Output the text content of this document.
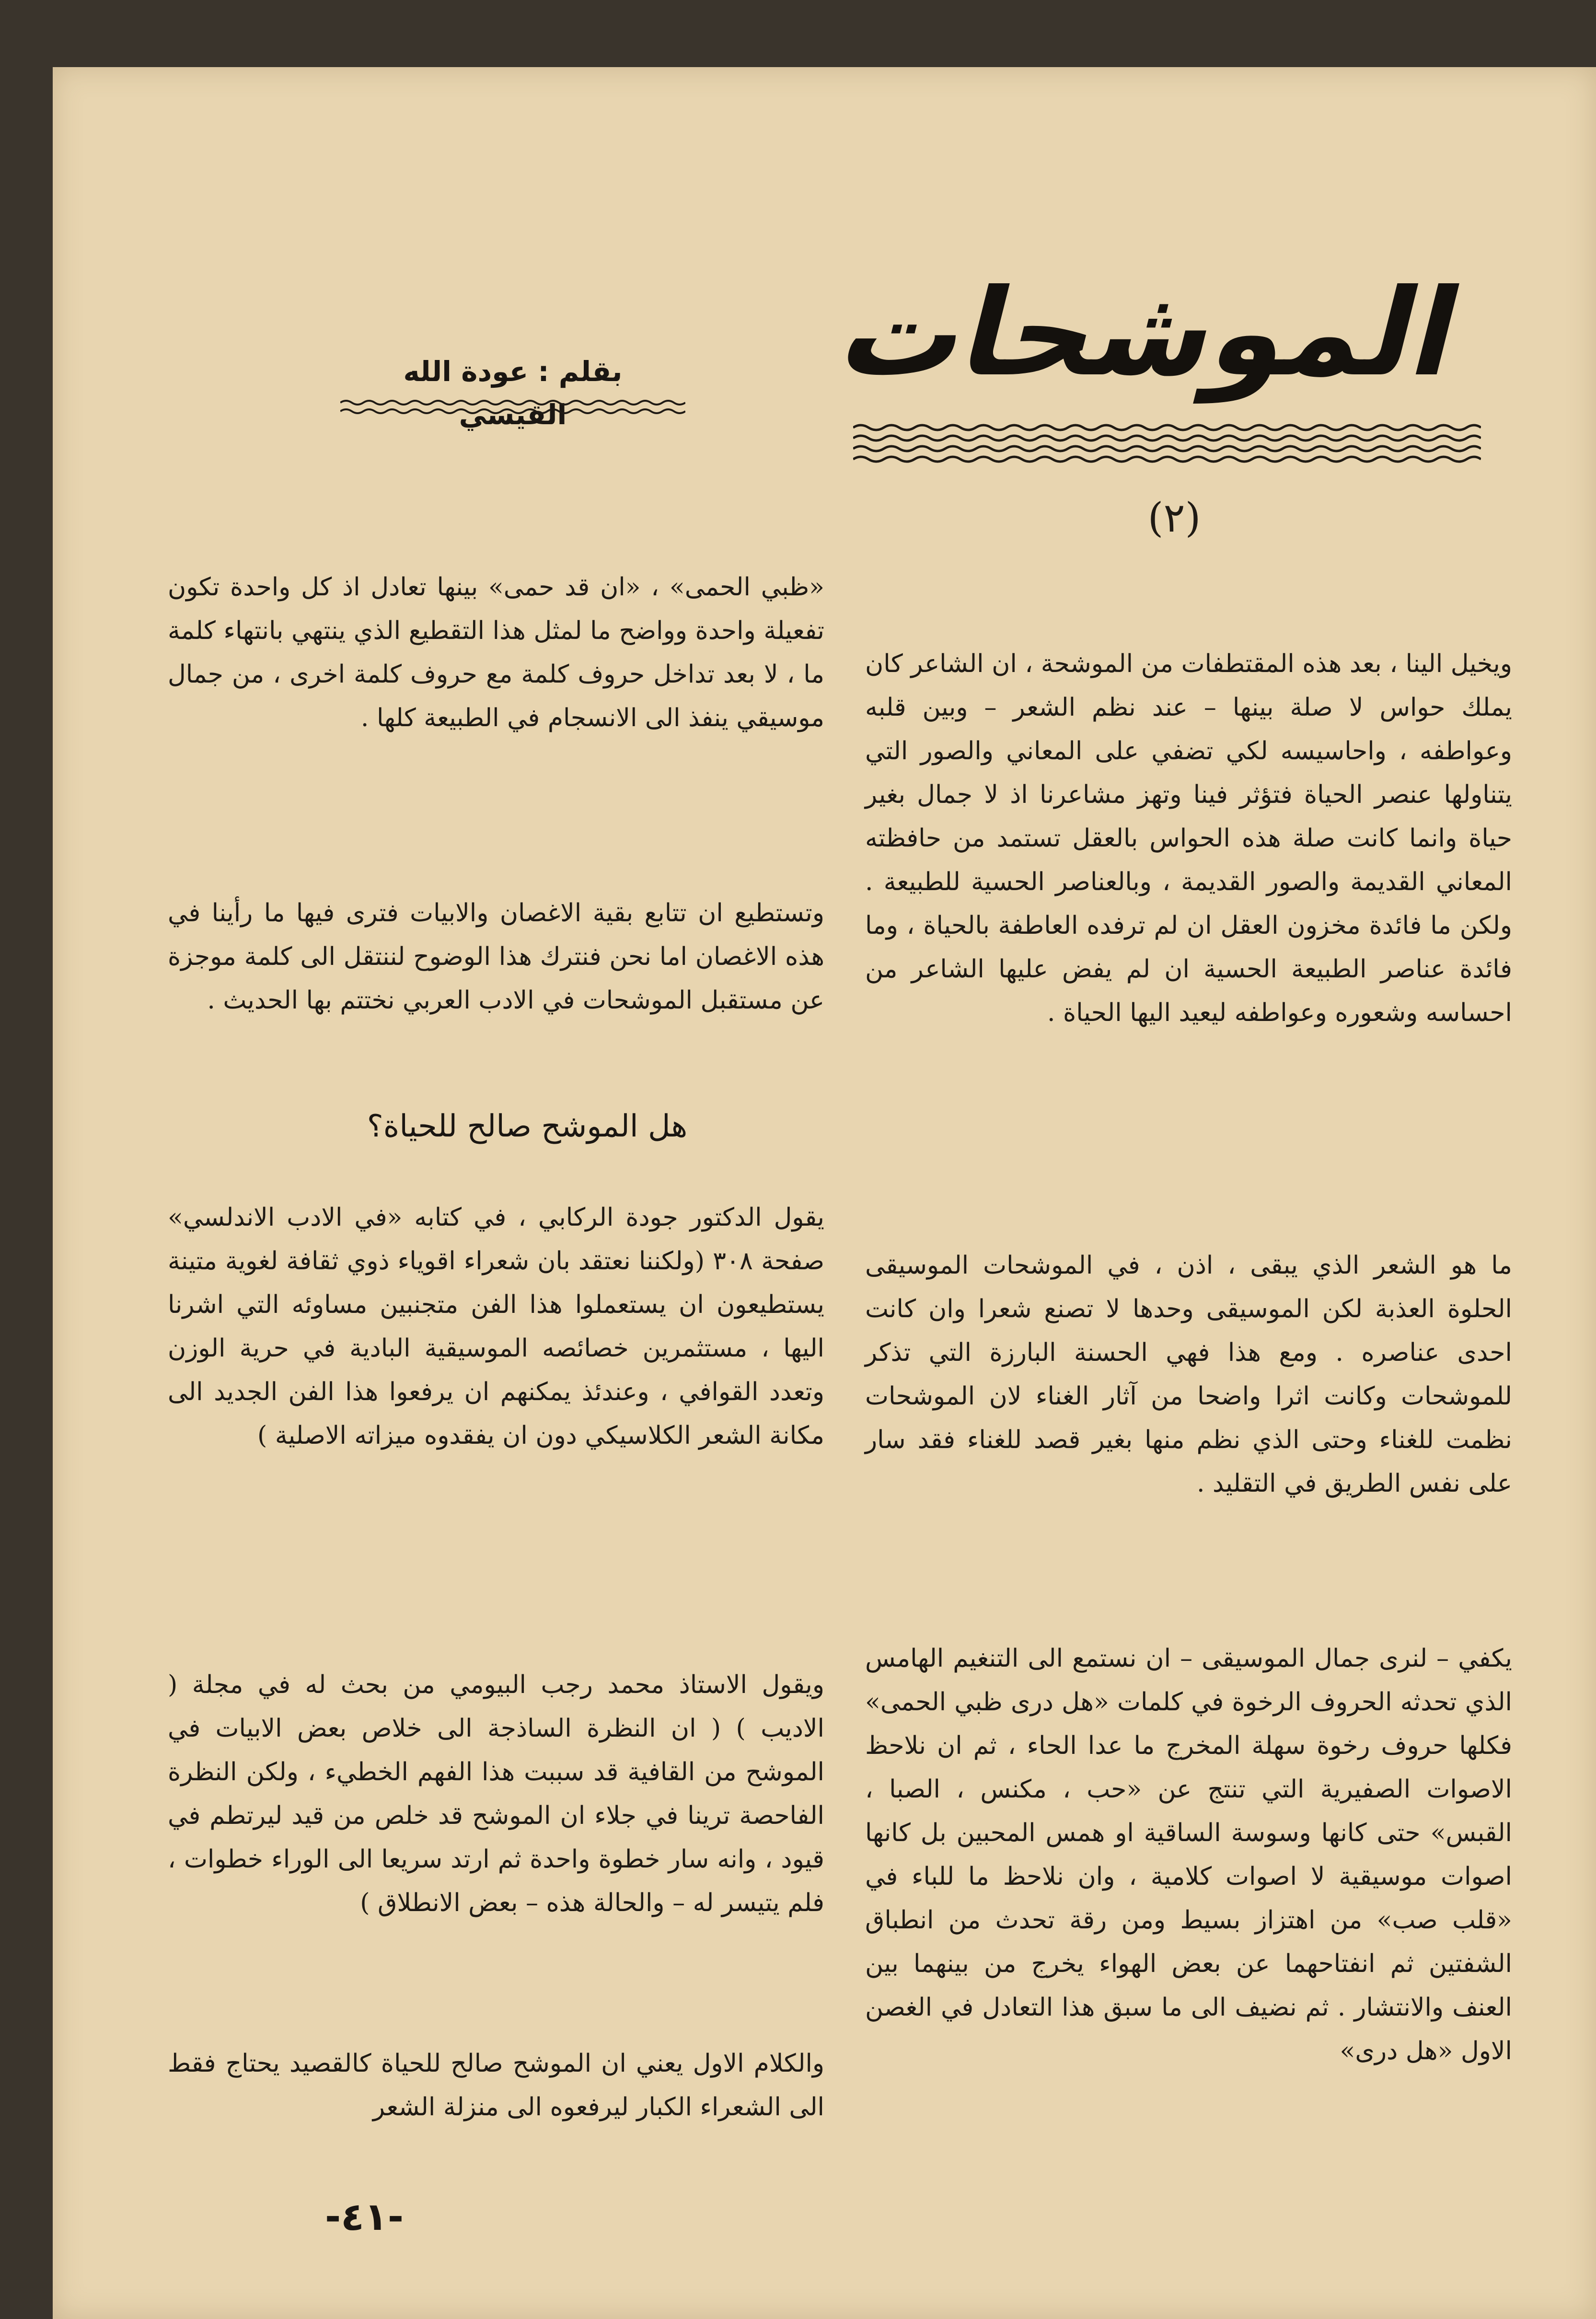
الموشحات
(٢)
بقلم : عودة الله القيسي

ويخيل الينا ، بعد هذه المقتطفات من الموشحة ، ان الشاعر كان يملك حواس لا صلة بينها – عند نظم الشعر – وبين قلبه وعواطفه ، واحاسيسه لكي تضفي على المعاني والصور التي يتناولها عنصر الحياة فتؤثر فينا وتهز مشاعرنا اذ لا جمال بغير حياة وانما كانت صلة هذه الحواس بالعقل تستمد من حافظته المعاني القديمة والصور القديمة ، وبالعناصر الحسية للطبيعة . ولكن ما فائدة مخزون العقل ان لم ترفده العاطفة بالحياة ، وما فائدة عناصر الطبيعة الحسية ان لم يفض عليها الشاعر من احساسه وشعوره وعواطفه ليعيد اليها الحياة .

ما هو الشعر الذي يبقى ، اذن ، في الموشحات الموسيقى الحلوة العذبة لكن الموسيقى وحدها لا تصنع شعرا وان كانت احدى عناصره . ومع هذا فهي الحسنة البارزة التي تذكر للموشحات وكانت اثرا واضحا من آثار الغناء لان الموشحات نظمت للغناء وحتى الذي نظم منها بغير قصد للغناء فقد سار على نفس الطريق في التقليد .

يكفي – لنرى جمال الموسيقى – ان نستمع الى التنغيم الهامس الذي تحدثه الحروف الرخوة في كلمات «هل درى ظبي الحمى» فكلها حروف رخوة سهلة المخرج ما عدا الحاء ، ثم ان نلاحظ الاصوات الصفيرية التي تنتج عن «حب ، مكنس ، الصبا ، القبس» حتى كانها وسوسة الساقية او همس المحبين بل كانها اصوات موسيقية لا اصوات كلامية ، وان نلاحظ ما للباء في «قلب صب» من اهتزاز بسيط ومن رقة تحدث من انطباق الشفتين ثم انفتاحهما عن بعض الهواء يخرج من بينهما بين العنف والانتشار . ثم نضيف الى ما سبق هذا التعادل في الغصن الاول «هل درى»

«ظبي الحمى» ، «ان قد حمى» بينها تعادل اذ كل واحدة تكون تفعيلة واحدة وواضح ما لمثل هذا التقطيع الذي ينتهي بانتهاء كلمة ما ، لا بعد تداخل حروف كلمة مع حروف كلمة اخرى ، من جمال موسيقي ينفذ الى الانسجام في الطبيعة كلها .

وتستطيع ان تتابع بقية الاغصان والابيات فترى فيها ما رأينا في هذه الاغصان اما نحن فنترك هذا الوضوح لننتقل الى كلمة موجزة عن مستقبل الموشحات في الادب العربي نختتم بها الحديث .

هل الموشح صالح للحياة؟

يقول الدكتور جودة الركابي ، في كتابه «في الادب الاندلسي» صفحة ٣٠٨ (ولكننا نعتقد بان شعراء اقوياء ذوي ثقافة لغوية متينة يستطيعون ان يستعملوا هذا الفن متجنبين مساوئه التي اشرنا اليها ، مستثمرين خصائصه الموسيقية البادية في حرية الوزن وتعدد القوافي ، وعندئذ يمكنهم ان يرفعوا هذا الفن الجديد الى مكانة الشعر الكلاسيكي دون ان يفقدوه ميزاته الاصلية )

ويقول الاستاذ محمد رجب البيومي من بحث له في مجلة ( الاديب ) ( ان النظرة الساذجة الى خلاص بعض الابيات في الموشح من القافية قد سببت هذا الفهم الخطيء ، ولكن النظرة الفاحصة ترينا في جلاء ان الموشح قد خلص من قيد ليرتطم في قيود ، وانه سار خطوة واحدة ثم ارتد سريعا الى الوراء خطوات ، فلم يتيسر له – والحالة هذه – بعض الانطلاق )

والكلام الاول يعني ان الموشح صالح للحياة كالقصيد يحتاج فقط الى الشعراء الكبار ليرفعوه الى منزلة الشعر

-٤١-
